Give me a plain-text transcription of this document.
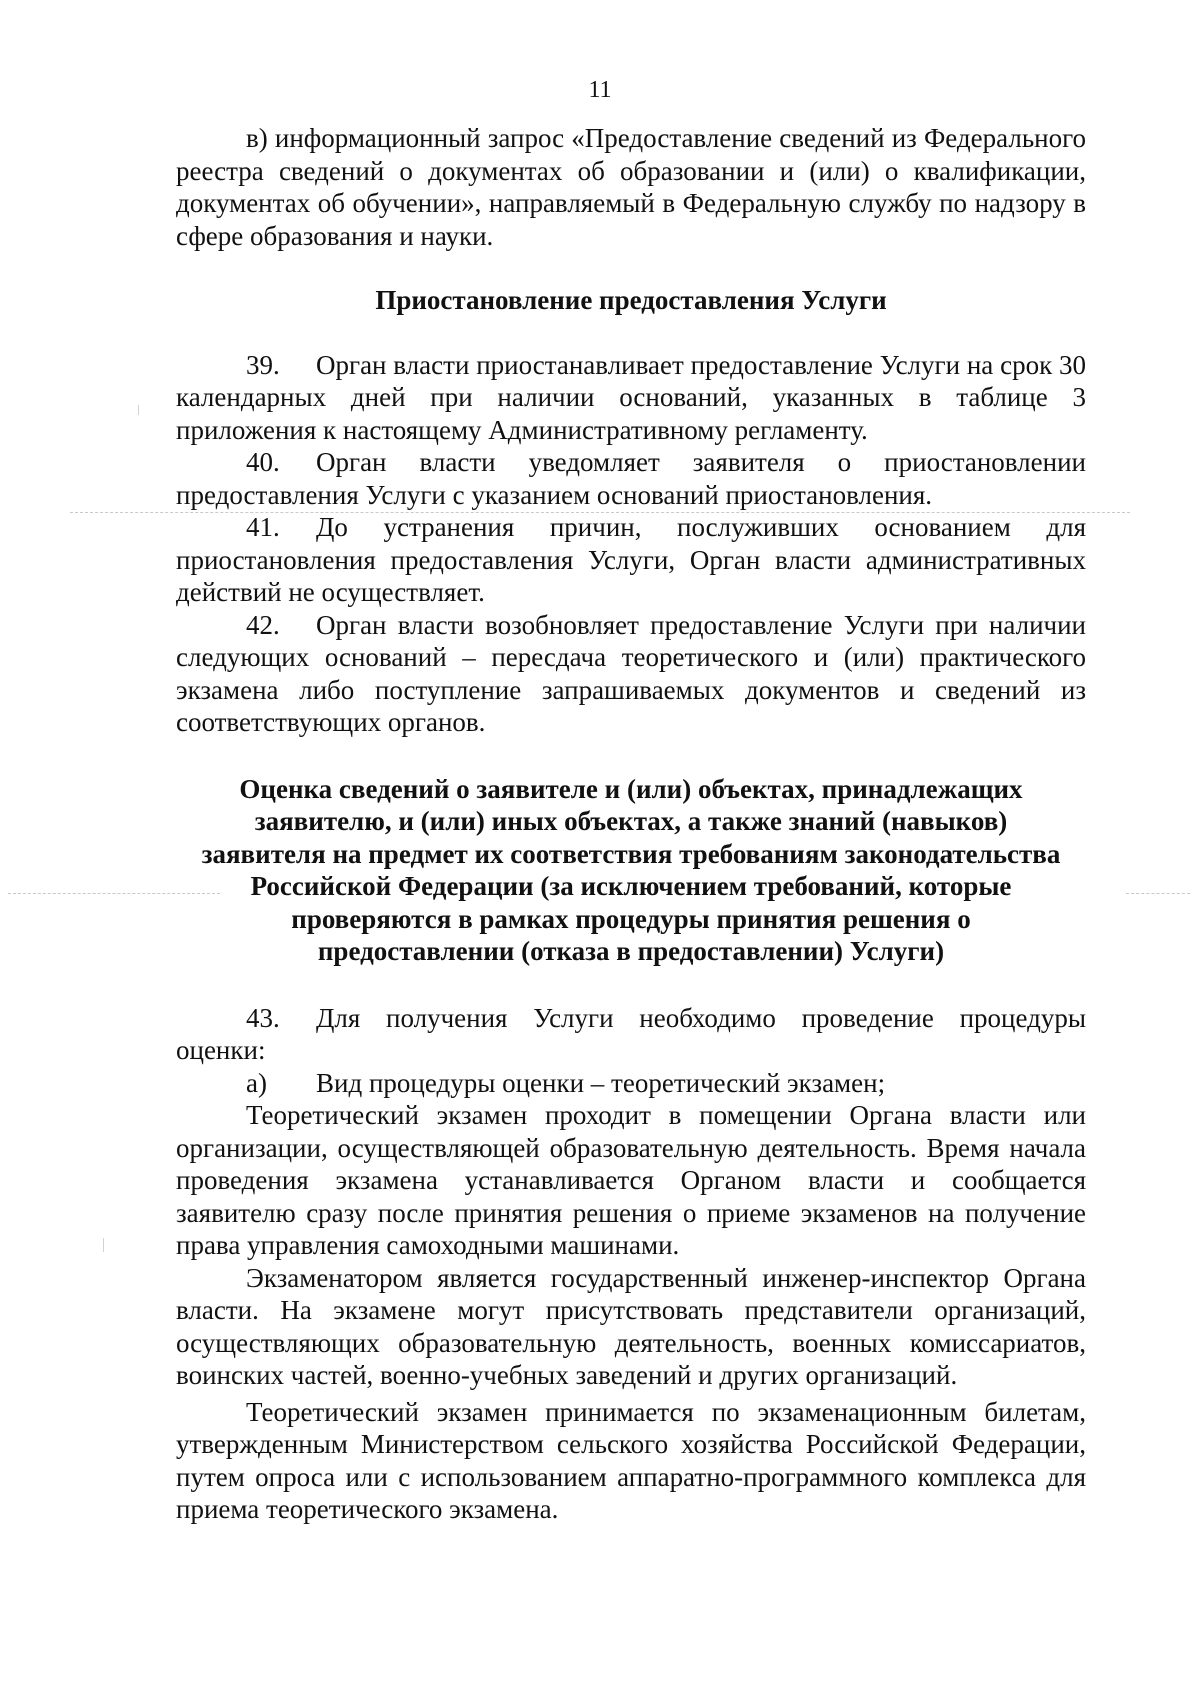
11

в) информационный запрос «Предоставление сведений из Федерального реестра сведений о документах об образовании и (или) о квалификации, документах об обучении», направляемый в Федеральную службу по надзору в сфере образования и науки.

Приостановление предоставления Услуги

39. Орган власти приостанавливает предоставление Услуги на срок 30 календарных дней при наличии оснований, указанных в таблице 3 приложения к настоящему Административному регламенту.

40. Орган власти уведомляет заявителя о приостановлении предоставления Услуги с указанием оснований приостановления.

41. До устранения причин, послуживших основанием для приостановления предоставления Услуги, Орган власти административных действий не осуществляет.

42. Орган власти возобновляет предоставление Услуги при наличии следующих оснований – пересдача теоретического и (или) практического экзамена либо поступление запрашиваемых документов и сведений из соответствующих органов.

Оценка сведений о заявителе и (или) объектах, принадлежащих
заявителю, и (или) иных объектах, а также знаний (навыков)
заявителя на предмет их соответствия требованиям законодательства
Российской Федерации (за исключением требований, которые
проверяются в рамках процедуры принятия решения о
предоставлении (отказа в предоставлении) Услуги)

43. Для получения Услуги необходимо проведение процедуры оценки:

а) Вид процедуры оценки – теоретический экзамен;

Теоретический экзамен проходит в помещении Органа власти или организации, осуществляющей образовательную деятельность. Время начала проведения экзамена устанавливается Органом власти и сообщается заявителю сразу после принятия решения о приеме экзаменов на получение права управления самоходными машинами.

Экзаменатором является государственный инженер-инспектор Органа власти. На экзамене могут присутствовать представители организаций, осуществляющих образовательную деятельность, военных комиссариатов, воинских частей, военно-учебных заведений и других организаций.

Теоретический экзамен принимается по экзаменационным билетам, утвержденным Министерством сельского хозяйства Российской Федерации, путем опроса или с использованием аппаратно-программного комплекса для приема теоретического экзамена.
